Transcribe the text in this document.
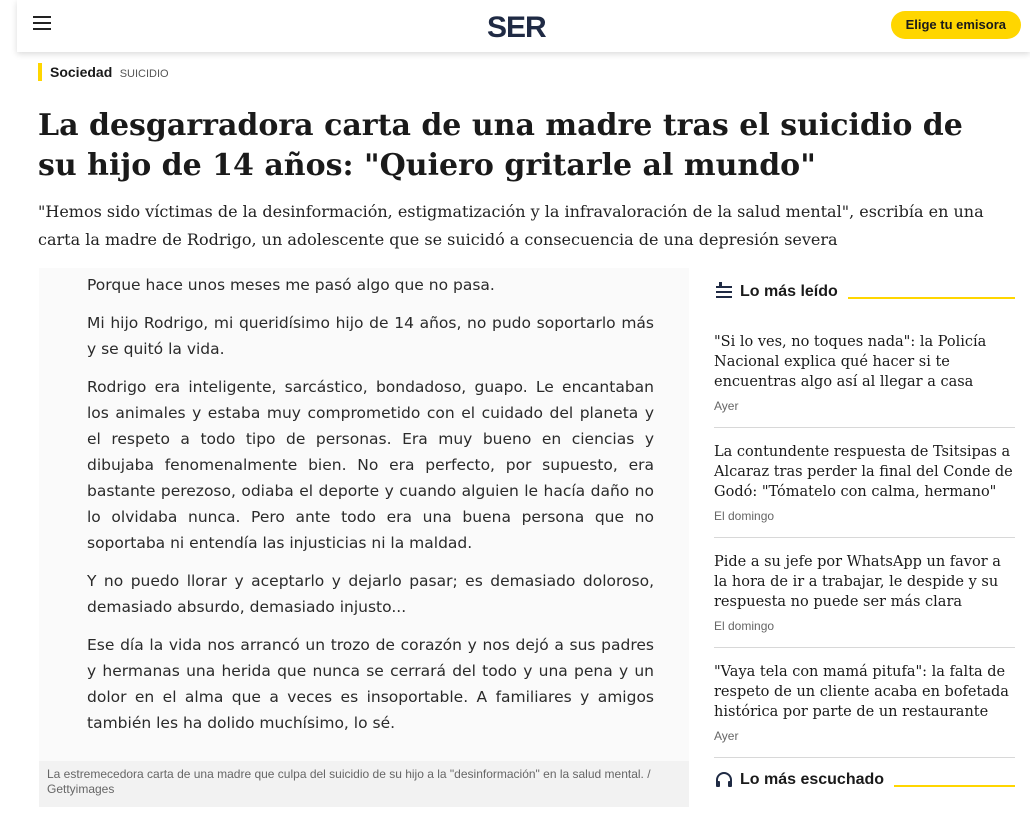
SER	Elige tu emisora
Sociedad SUICIDIO
La desgarradora carta de una madre tras el suicidio de su hijo de 14 años: "Quiero gritarle al mundo"

"Hemos sido víctimas de la desinformación, estigmatización y la infravaloración de la salud mental", escribía en una carta la madre de Rodrigo, un adolescente que se suicidó a consecuencia de una depresión severa

Porque hace unos meses me pasó algo que no pasa.

Mi hijo Rodrigo, mi queridísimo hijo de 14 años, no pudo soportarlo más y se quitó la vida.

Rodrigo era inteligente, sarcástico, bondadoso, guapo. Le encantaban los animales y estaba muy comprometido con el cuidado del planeta y el respeto a todo tipo de personas. Era muy bueno en ciencias y dibujaba fenomenalmente bien. No era perfecto, por supuesto, era bastante perezoso, odiaba el deporte y cuando alguien le hacía daño no lo olvidaba nunca. Pero ante todo era una buena persona que no soportaba ni entendía las injusticias ni la maldad.

Y no puedo llorar y aceptarlo y dejarlo pasar; es demasiado doloroso, demasiado absurdo, demasiado injusto...

Ese día la vida nos arrancó un trozo de corazón y nos dejó a sus padres y hermanas una herida que nunca se cerrará del todo y una pena y un dolor en el alma que a veces es insoportable. A familiares y amigos también les ha dolido muchísimo, lo sé.

La estremecedora carta de una madre que culpa del suicidio de su hijo a la "desinformación" en la salud mental. / Gettyimages
Lo más leído
"Si lo ves, no toques nada": la Policía Nacional explica qué hacer si te encuentras algo así al llegar a casa
Ayer
La contundente respuesta de Tsitsipas a Alcaraz tras perder la final del Conde de Godó: "Tómatelo con calma, hermano"
El domingo
Pide a su jefe por WhatsApp un favor a la hora de ir a trabajar, le despide y su respuesta no puede ser más clara
El domingo
"Vaya tela con mamá pitufa": la falta de respeto de un cliente acaba en bofetada histórica por parte de un restaurante
Ayer
Lo más escuchado
